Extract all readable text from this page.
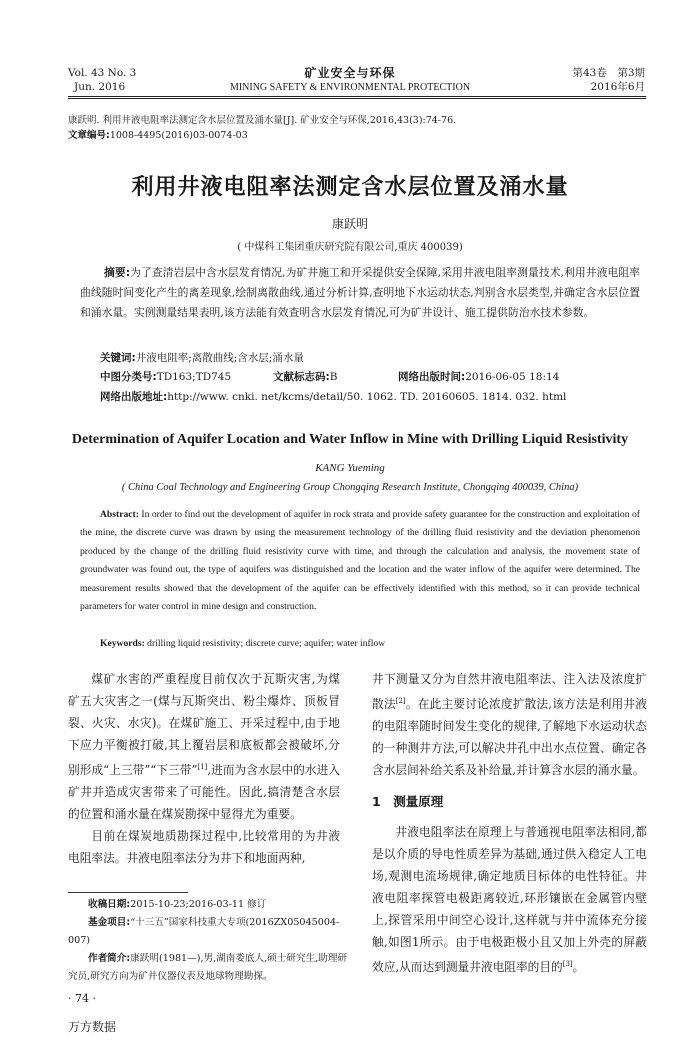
Vol. 43 No. 3
Jun. 2016
矿业安全与环保
MINING SAFETY & ENVIRONMENTAL PROTECTION
第43卷　第3期
2016年6月
康跃明. 利用井液电阻率法测定含水层位置及涌水量[J]. 矿业安全与环保,2016,43(3):74-76.
文章编号:1008-4495(2016)03-0074-03
利用井液电阻率法测定含水层位置及涌水量
康跃明
( 中煤科工集团重庆研究院有限公司,重庆 400039)
摘要:为了查清岩层中含水层发育情况,为矿井施工和开采提供安全保障,采用井液电阻率测量技术,利用井液电阻率曲线随时间变化产生的离差现象,绘制离散曲线,通过分析计算,查明地下水运动状态,判别含水层类型,并确定含水层位置和涌水量。实例测量结果表明,该方法能有效查明含水层发育情况,可为矿井设计、施工提供防治水技术参数。
关键词:井液电阻率;离散曲线;含水层;涌水量
中图分类号:TD163;TD745	文献标志码:B	网络出版时间:2016-06-05 18:14
网络出版地址:http://www. cnki. net/kcms/detail/50. 1062. TD. 20160605. 1814. 032. html
Determination of Aquifer Location and Water Inflow in Mine with Drilling Liquid Resistivity
KANG Yueming
( China Coal Technology and Engineering Group Chongqing Research Institute, Chongqing 400039, China)
Abstract: In order to find out the development of aquifer in rock strata and provide safety guarantee for the construction and exploitation of the mine, the discrete curve was drawn by using the measurement technology of the drilling fluid resistivity and the deviation phenomenon produced by the change of the drilling fluid resistivity curve with time, and through the calculation and analysis, the movement state of groundwater was found out, the type of aquifers was distinguished and the location and the water inflow of the aquifer were determined. The measurement results showed that the development of the aquifer can be effectively identified with this method, so it can provide technical parameters for water control in mine design and construction.
Keywords: drilling liquid resistivity; discrete curve; aquifer; water inflow

煤矿水害的严重程度目前仅次于瓦斯灾害,为煤矿五大灾害之一(煤与瓦斯突出、粉尘爆炸、顶板冒裂、火灾、水灾)。在煤矿施工、开采过程中,由于地下应力平衡被打破,其上覆岩层和底板都会被破坏,分别形成“上三带”“下三带”[1],进而为含水层中的水进入矿井并造成灾害带来了可能性。因此,搞清楚含水层的位置和涌水量在煤炭勘探中显得尤为重要。

目前在煤炭地质勘探过程中,比较常用的为井液电阻率法。井液电阻率法分为井下和地面两种,

收稿日期:2015-10-23;2016-03-11 修订

基金项目:“十三五”国家科技重大专项(2016ZX05045004-007)

作者简介:康跃明(1981—),男,湖南娄底人,硕士研究生,助理研究员,研究方向为矿井仪器仪表及地球物理勘探。

· 74 ·
万方数据

井下测量又分为自然井液电阻率法、注入法及浓度扩散法[2]。在此主要讨论浓度扩散法,该方法是利用井液的电阻率随时间发生变化的规律,了解地下水运动状态的一种测井方法,可以解决井孔中出水点位置、确定各含水层间补给关系及补给量,并计算含水层的涌水量。

1　测量原理

井液电阻率法在原理上与普通视电阻率法相同,都是以介质的导电性质差异为基础,通过供入稳定人工电场,观测电流场规律,确定地质目标体的电性特征。井液电阻率探管电极距离较近,环形镶嵌在金属管内壁上,探管采用中间空心设计,这样就与井中流体充分接触,如图1所示。由于电极距极小且又加上外壳的屏蔽效应,从而达到测量井液电阻率的目的[3]。
